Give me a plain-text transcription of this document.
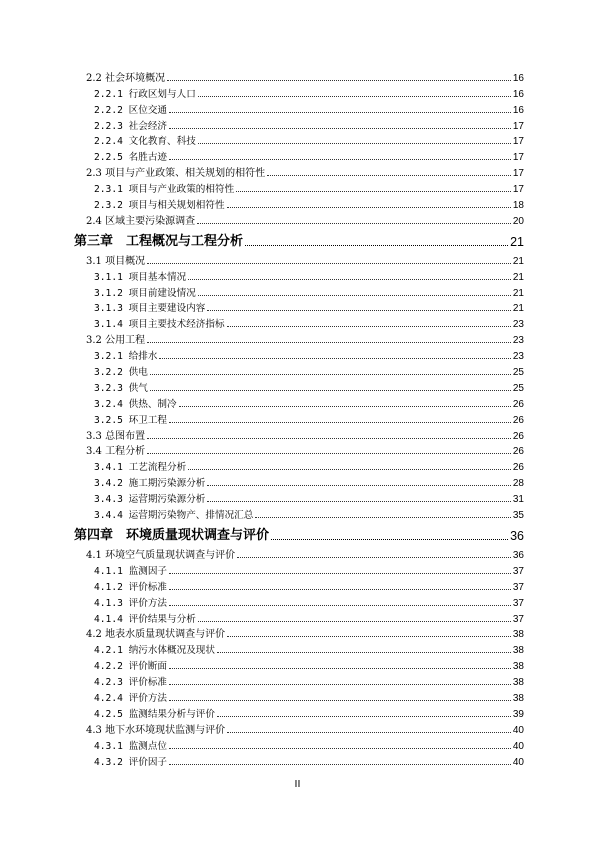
2.2 社会环境概况	16
2.2.1 行政区划与人口	16
2.2.2 区位交通	16
2.2.3 社会经济	17
2.2.4 文化教育、科技	17
2.2.5 名胜古迹	17
2.3 项目与产业政策、相关规划的相符性	17
2.3.1 项目与产业政策的相符性	17
2.3.2 项目与相关规划相符性	18
2.4 区域主要污染源调查	20
第三章　工程概况与工程分析	21
3.1 项目概况	21
3.1.1 项目基本情况	21
3.1.2 项目前建设情况	21
3.1.3 项目主要建设内容	21
3.1.4 项目主要技术经济指标	23
3.2 公用工程	23
3.2.1 给排水	23
3.2.2 供电	25
3.2.3 供气	25
3.2.4 供热、制冷	26
3.2.5 环卫工程	26
3.3 总图布置	26
3.4 工程分析	26
3.4.1 工艺流程分析	26
3.4.2 施工期污染源分析	28
3.4.3 运营期污染源分析	31
3.4.4 运营期污染物产、排情况汇总	35
第四章　环境质量现状调查与评价	36
4.1 环境空气质量现状调查与评价	36
4.1.1 监测因子	37
4.1.2 评价标准	37
4.1.3 评价方法	37
4.1.4 评价结果与分析	37
4.2 地表水质量现状调查与评价	38
4.2.1 纳污水体概况及现状	38
4.2.2 评价断面	38
4.2.3 评价标准	38
4.2.4 评价方法	38
4.2.5 监测结果分析与评价	39
4.3 地下水环境现状监测与评价	40
4.3.1 监测点位	40
4.3.2 评价因子	40
II
